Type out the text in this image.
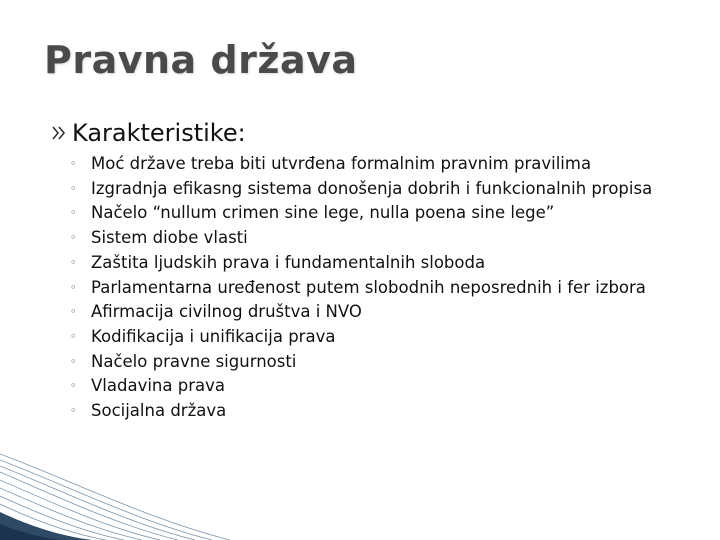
Pravna država
Karakteristike:
◦ Moć države treba biti utvrđena formalnim pravnim pravilima
◦ Izgradnja efikasng sistema donošenja dobrih i funkcionalnih propisa
◦ Načelo “nullum crimen sine lege, nulla poena sine lege”
◦ Sistem diobe vlasti
◦ Zaštita ljudskih prava i fundamentalnih sloboda
◦ Parlamentarna uređenost putem slobodnih neposrednih i fer izbora
◦ Afirmacija civilnog društva i NVO
◦ Kodifikacija i unifikacija prava
◦ Načelo pravne sigurnosti
◦ Vladavina prava
◦ Socijalna država
